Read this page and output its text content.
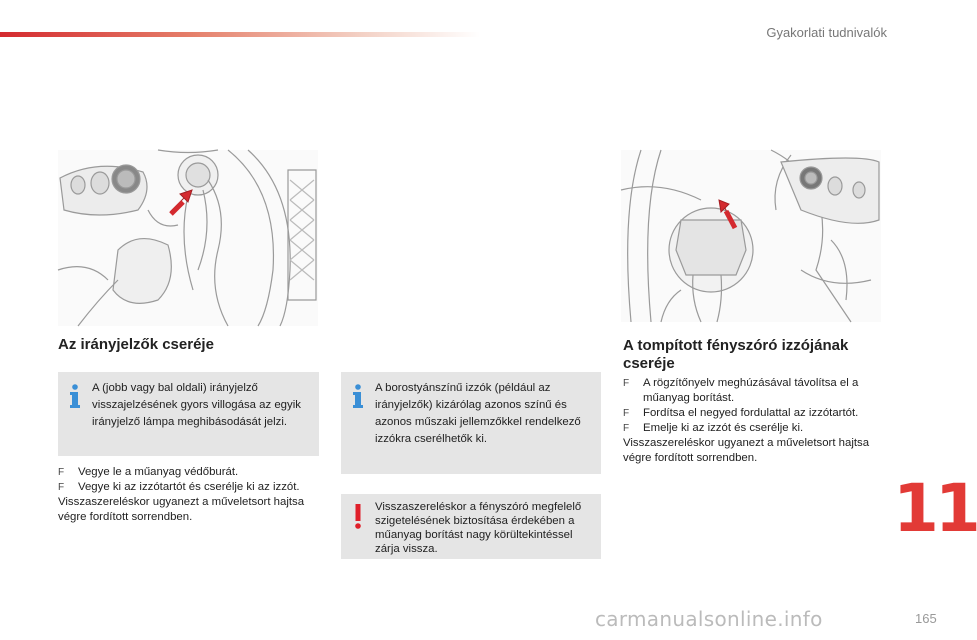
Gyakorlati tudnivalók
Az irányjelzők cseréje
A (jobb vagy bal oldali) irányjelző visszajelzésének gyors villogása az egyik irányjelző lámpa meghibásodását jelzi.
F Vegye le a műanyag védőburát.
F Vegye ki az izzótartót és cserélje ki az izzót.
Visszaszereléskor ugyanezt a műveletsort hajtsa végre fordított sorrendben.
A borostyánszínű izzók (például az irányjelzők) kizárólag azonos színű és azonos műszaki jellemzőkkel rendelkező izzókra cserélhetők ki.
Visszaszereléskor a fényszóró megfelelő szigetelésének biztosítása érdekében a műanyag borítást nagy körültekintéssel zárja vissza.
A tompított fényszóró izzójának cseréje
F A rögzítőnyelv meghúzásával távolítsa el a műanyag borítást.
F Fordítsa el negyed fordulattal az izzótartót.
F Emelje ki az izzót és cserélje ki.
Visszaszereléskor ugyanezt a műveletsort hajtsa végre fordított sorrendben.
11
carmanualsonline.info	165
